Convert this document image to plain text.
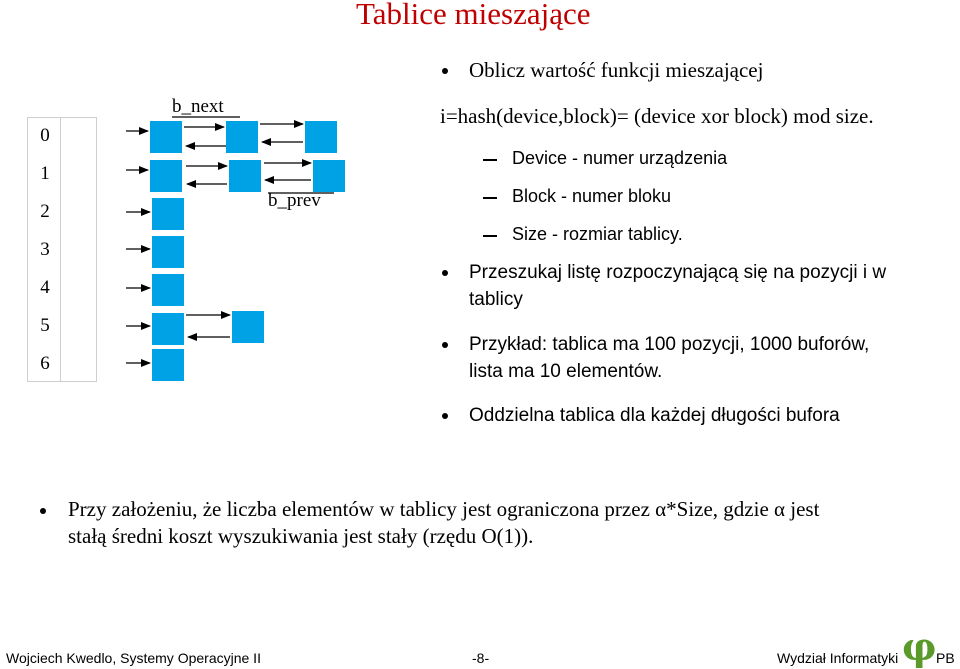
Tablice mieszające
0
1
2
3
4
5
6
b_next
b_prev
Oblicz wartość funkcji mieszającej
i=hash(device,block)= (device xor block) mod size.
Device - numer urządzenia
Block - numer bloku
Size - rozmiar tablicy.
Przeszukaj listę rozpoczynającą się na pozycji i w
tablicy
Przykład: tablica ma 100 pozycji, 1000 buforów,
lista ma 10 elementów.
Oddzielna tablica dla każdej długości bufora
Przy założeniu, że liczba elementów w tablicy jest ograniczona przez α*Size, gdzie α jest
stałą średni koszt wyszukiwania jest stały (rzędu O(1)).
Wojciech Kwedlo, Systemy Operacyjne II	-8-	Wydział Informatyki φ PB
